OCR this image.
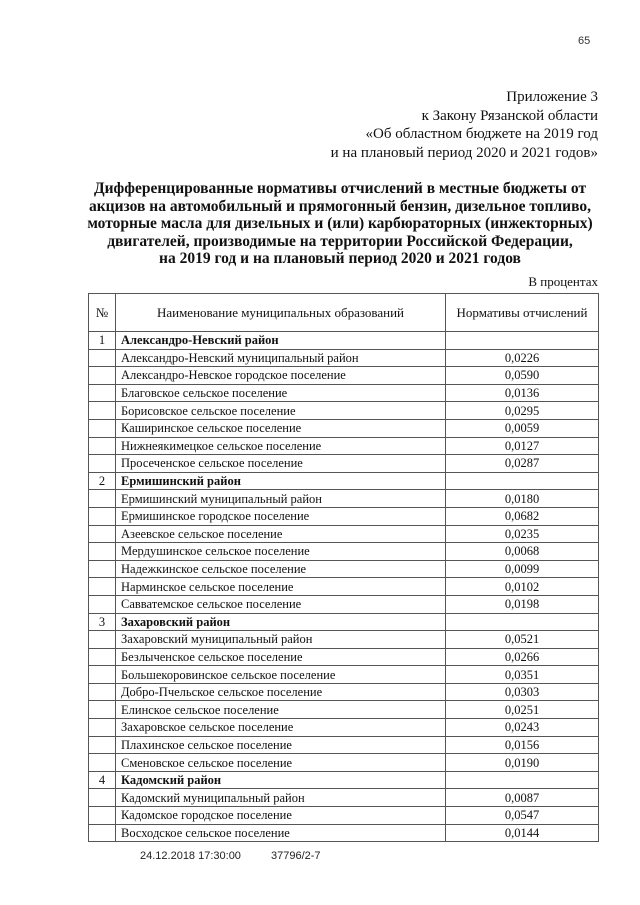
65
Приложение 3
к Закону Рязанской области
«Об областном бюджете на 2019 год
и на плановый период 2020 и 2021 годов»
Дифференцированные нормативы отчислений в местные бюджеты от
акцизов на автомобильный и прямогонный бензин, дизельное топливо,
моторные масла для дизельных и (или) карбюраторных (инжекторных)
двигателей, производимые на территории Российской Федерации,
на 2019 год и на плановый период 2020 и 2021 годов
В процентах
№	Наименование муниципальных образований	Нормативы отчислений
1	Александро-Невский район	
	Александро-Невский муниципальный район	0,0226
	Александро-Невское городское поселение	0,0590
	Благовское сельское поселение	0,0136
	Борисовское сельское поселение	0,0295
	Каширинское сельское поселение	0,0059
	Нижнеякимецкое сельское поселение	0,0127
	Просеченское сельское поселение	0,0287
2	Ермишинский район	
	Ермишинский муниципальный район	0,0180
	Ермишинское городское поселение	0,0682
	Азеевское сельское поселение	0,0235
	Мердушинское сельское поселение	0,0068
	Надежкинское сельское поселение	0,0099
	Нарминское сельское поселение	0,0102
	Савватемское сельское поселение	0,0198
3	Захаровский район	
	Захаровский муниципальный район	0,0521
	Безлыченское сельское поселение	0,0266
	Большекоровинское сельское поселение	0,0351
	Добро-Пчельское сельское поселение	0,0303
	Елинское сельское поселение	0,0251
	Захаровское сельское поселение	0,0243
	Плахинское сельское поселение	0,0156
	Сменовское сельское поселение	0,0190
4	Кадомский район	
	Кадомский муниципальный район	0,0087
	Кадомское городское поселение	0,0547
	Восходское сельское поселение	0,0144
24.12.2018 17:30:00	37796/2-7
